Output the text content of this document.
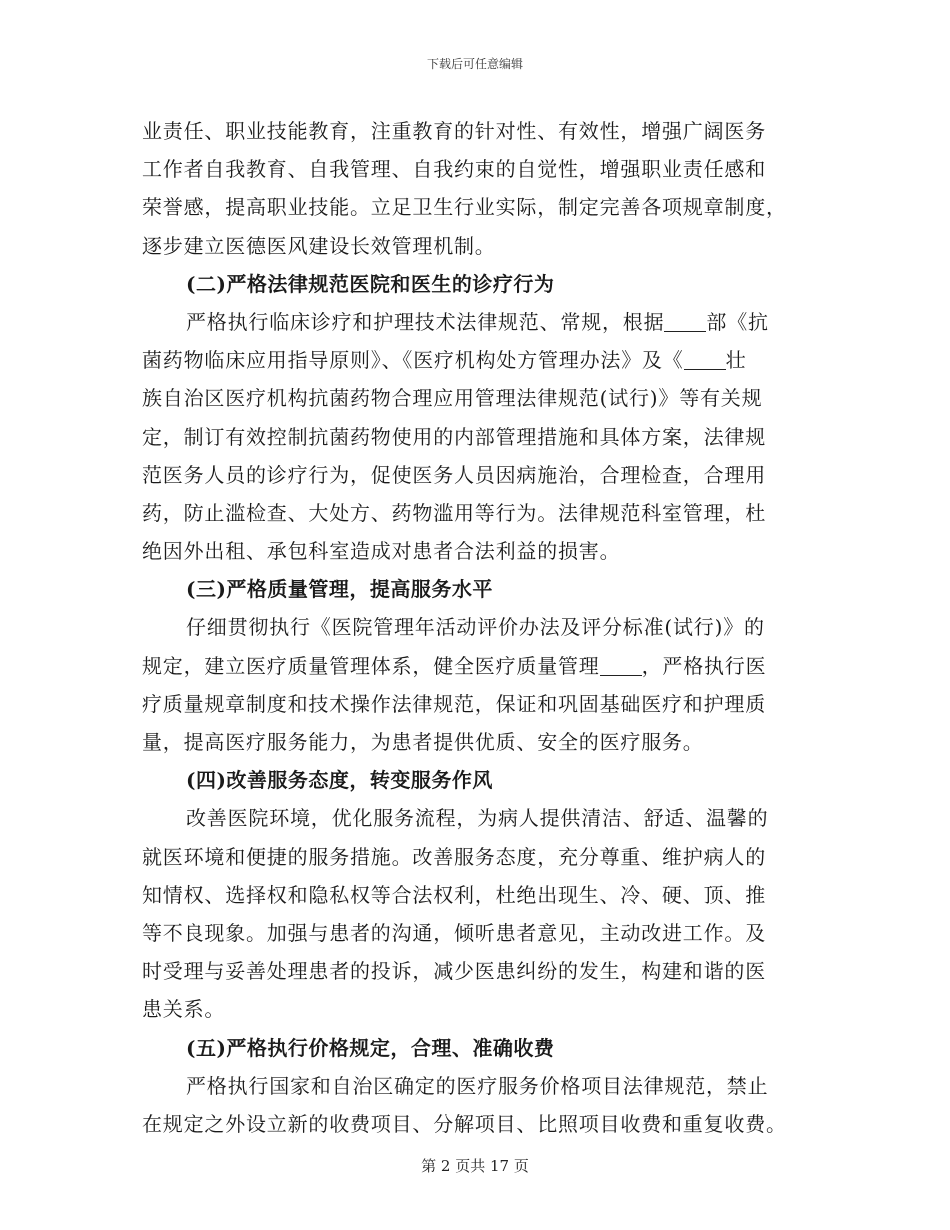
下载后可任意编辑
业责任、职业技能教育，注重教育的针对性、有效性，增强广阔医务
工作者自我教育、自我管理、自我约束的自觉性，增强职业责任感和
荣誉感，提高职业技能。立足卫生行业实际，制定完善各项规章制度，
逐步建立医德医风建设长效管理机制。
(二)严格法律规范医院和医生的诊疗行为
严格执行临床诊疗和护理技术法律规范、常规，根据 部《抗
菌药物临床应用指导原则》、《医疗机构处方管理办法》及《 壮
族自治区医疗机构抗菌药物合理应用管理法律规范(试行)》等有关规
定，制订有效控制抗菌药物使用的内部管理措施和具体方案，法律规
范医务人员的诊疗行为，促使医务人员因病施治，合理检查，合理用
药，防止滥检查、大处方、药物滥用等行为。法律规范科室管理，杜
绝因外出租、承包科室造成对患者合法利益的损害。
(三)严格质量管理，提高服务水平
仔细贯彻执行《医院管理年活动评价办法及评分标准(试行)》的
规定，建立医疗质量管理体系，健全医疗质量管理 ，严格执行医
疗质量规章制度和技术操作法律规范，保证和巩固基础医疗和护理质
量，提高医疗服务能力，为患者提供优质、安全的医疗服务。
(四)改善服务态度，转变服务作风
改善医院环境，优化服务流程，为病人提供清洁、舒适、温馨的
就医环境和便捷的服务措施。改善服务态度，充分尊重、维护病人的
知情权、选择权和隐私权等合法权利，杜绝出现生、冷、硬、顶、推
等不良现象。加强与患者的沟通，倾听患者意见，主动改进工作。及
时受理与妥善处理患者的投诉，减少医患纠纷的发生，构建和谐的医
患关系。
(五)严格执行价格规定，合理、准确收费
严格执行国家和自治区确定的医疗服务价格项目法律规范，禁止
在规定之外设立新的收费项目、分解项目、比照项目收费和重复收费。
第 2 页共 17 页
